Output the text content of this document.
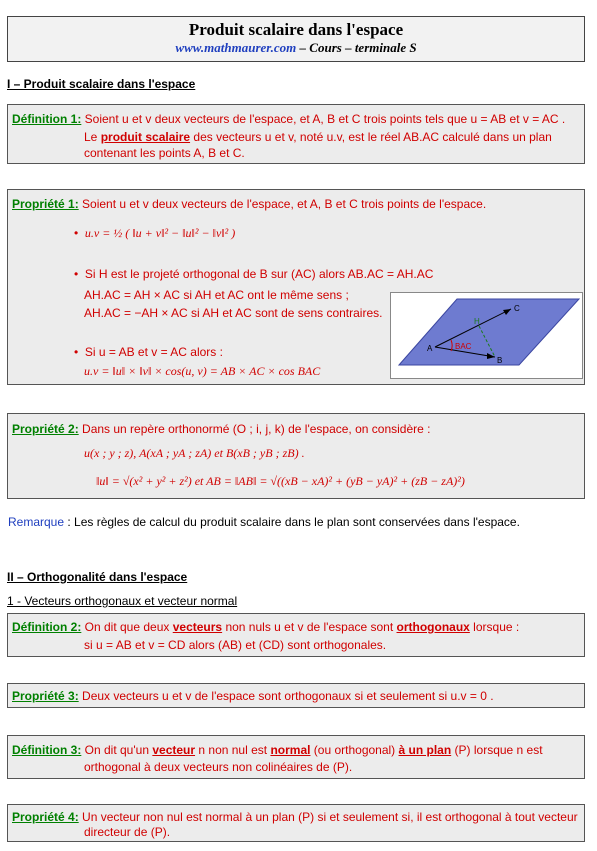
Produit scalaire dans l'espace
www.mathmaurer.com – Cours – terminale S
I – Produit scalaire dans l'espace
Définition 1: Soient u et v deux vecteurs de l'espace, et A, B et C trois points tels que u = AB et v = AC .
Le produit scalaire des vecteurs u et v, noté u.v, est le réel AB.AC calculé dans un plan
contenant les points A, B et C.
Propriété 1: Soient u et v deux vecteurs de l'espace, et A, B et C trois points de l'espace.
•  u.v = ½ ( ‖u + v‖² − ‖u‖² − ‖v‖² )
•  Si H est le projeté orthogonal de B sur (AC) alors AB.AC = AH.AC
AH.AC = AH × AC si AH et AC ont le même sens ;
AH.AC = −AH × AC si AH et AC sont de sens contraires.
•  Si u = AB et v = AC alors :
u.v = ‖u‖ × ‖v‖ × cos(u, v) = AB × AC × cos BAC
A
B
C
H
BAC
Propriété 2: Dans un repère orthonormé (O ; i, j, k) de l'espace, on considère :
u(x ; y ; z), A(xA ; yA ; zA) et B(xB ; yB ; zB) .
‖u‖ = √(x² + y² + z²) et AB = ‖AB‖ = √((xB − xA)² + (yB − yA)² + (zB − zA)²)
Remarque : Les règles de calcul du produit scalaire dans le plan sont conservées dans l'espace.
II – Orthogonalité dans l'espace
1 - Vecteurs orthogonaux et vecteur normal
Définition 2: On dit que deux vecteurs non nuls u et v de l'espace sont orthogonaux lorsque :
si u = AB et v = CD alors (AB) et (CD) sont orthogonales.
Propriété 3: Deux vecteurs u et v de l'espace sont orthogonaux si et seulement si u.v = 0 .
Définition 3: On dit qu'un vecteur n non nul est normal (ou orthogonal) à un plan (P) lorsque n est
orthogonal à deux vecteurs non colinéaires de (P).
Propriété 4: Un vecteur non nul est normal à un plan (P) si et seulement si, il est orthogonal à tout vecteur
directeur de (P).
